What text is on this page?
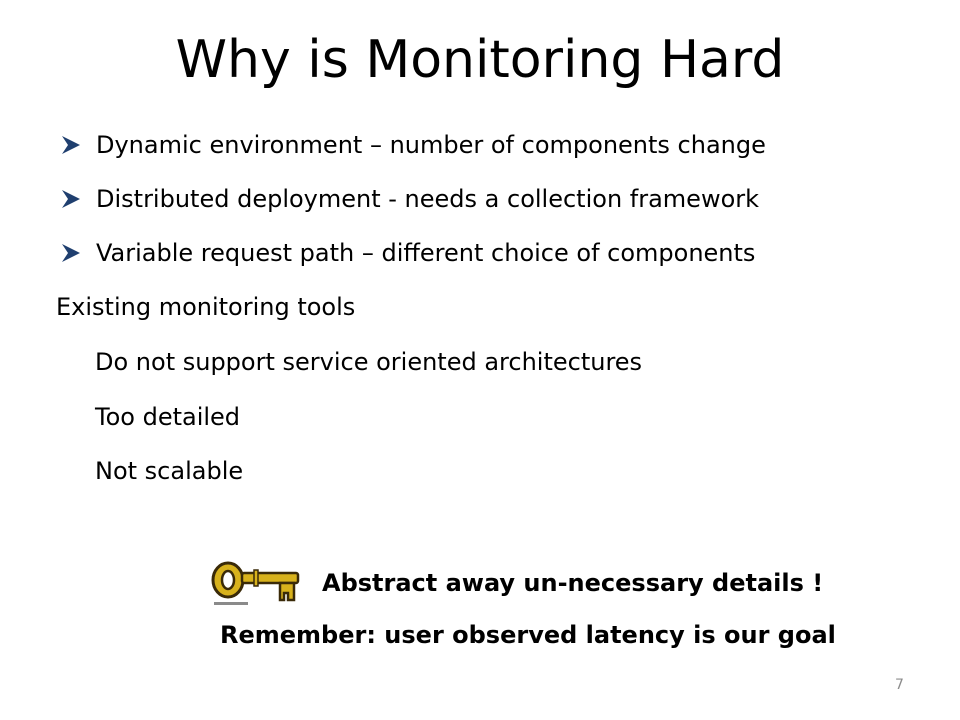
Why is Monitoring Hard
Dynamic environment – number of components change
Distributed deployment - needs a collection framework
Variable request path – different choice of components
Existing monitoring tools
Do not support service oriented architectures
Too detailed
Not scalable
Abstract away un-necessary details !
Remember: user observed latency is our goal
7
